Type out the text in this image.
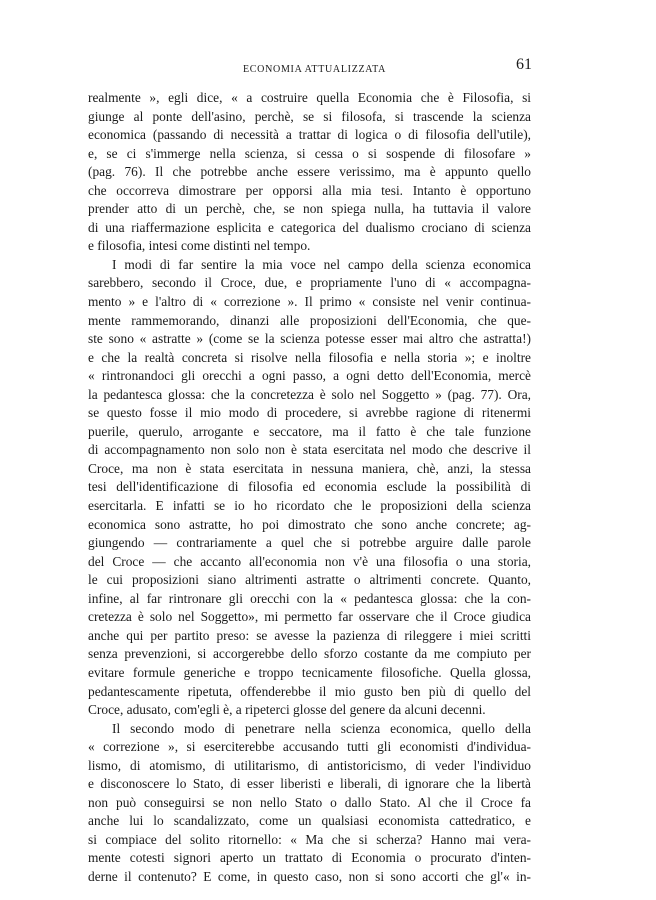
ECONOMIA ATTUALIZZATA	61
realmente », egli dice, « a costruire quella Economia che è Filosofia, si
giunge al ponte dell'asino, perchè, se si filosofa, si trascende la scienza
economica (passando di necessità a trattar di logica o di filosofia dell'utile),
e, se ci s'immerge nella scienza, si cessa o si sospende di filosofare »
(pag. 76). Il che potrebbe anche essere verissimo, ma è appunto quello
che occorreva dimostrare per opporsi alla mia tesi. Intanto è opportuno
prender atto di un perchè, che, se non spiega nulla, ha tuttavia il valore
di una riaffermazione esplicita e categorica del dualismo crociano di scienza
e filosofia, intesi come distinti nel tempo.
I modi di far sentire la mia voce nel campo della scienza economica
sarebbero, secondo il Croce, due, e propriamente l'uno di « accompagna-
mento » e l'altro di « correzione ». Il primo « consiste nel venir continua-
mente rammemorando, dinanzi alle proposizioni dell'Economia, che que-
ste sono « astratte » (come se la scienza potesse esser mai altro che astratta!)
e che la realtà concreta si risolve nella filosofia e nella storia »; e inoltre
« rintronandoci gli orecchi a ogni passo, a ogni detto dell'Economia, mercè
la pedantesca glossa: che la concretezza è solo nel Soggetto » (pag. 77). Ora,
se questo fosse il mio modo di procedere, si avrebbe ragione di ritenermi
puerile, querulo, arrogante e seccatore, ma il fatto è che tale funzione
di accompagnamento non solo non è stata esercitata nel modo che descrive il
Croce, ma non è stata esercitata in nessuna maniera, chè, anzi, la stessa
tesi dell'identificazione di filosofia ed economia esclude la possibilità di
esercitarla. E infatti se io ho ricordato che le proposizioni della scienza
economica sono astratte, ho poi dimostrato che sono anche concrete; ag-
giungendo — contrariamente a quel che si potrebbe arguire dalle parole
del Croce — che accanto all'economia non v'è una filosofia o una storia,
le cui proposizioni siano altrimenti astratte o altrimenti concrete. Quanto,
infine, al far rintronare gli orecchi con la « pedantesca glossa: che la con-
cretezza è solo nel Soggetto», mi permetto far osservare che il Croce giudica
anche qui per partito preso: se avesse la pazienza di rileggere i miei scritti
senza prevenzioni, si accorgerebbe dello sforzo costante da me compiuto per
evitare formule generiche e troppo tecnicamente filosofiche. Quella glossa,
pedantescamente ripetuta, offenderebbe il mio gusto ben più di quello del
Croce, adusato, com'egli è, a ripeterci glosse del genere da alcuni decenni.
Il secondo modo di penetrare nella scienza economica, quello della
« correzione », si eserciterebbe accusando tutti gli economisti d'individua-
lismo, di atomismo, di utilitarismo, di antistoricismo, di veder l'individuo
e disconoscere lo Stato, di esser liberisti e liberali, di ignorare che la libertà
non può conseguirsi se non nello Stato o dallo Stato. Al che il Croce fa
anche lui lo scandalizzato, come un qualsiasi economista cattedratico, e
si compiace del solito ritornello: « Ma che si scherza? Hanno mai vera-
mente cotesti signori aperto un trattato di Economia o procurato d'inten-
derne il contenuto? E come, in questo caso, non si sono accorti che gl'« in-
